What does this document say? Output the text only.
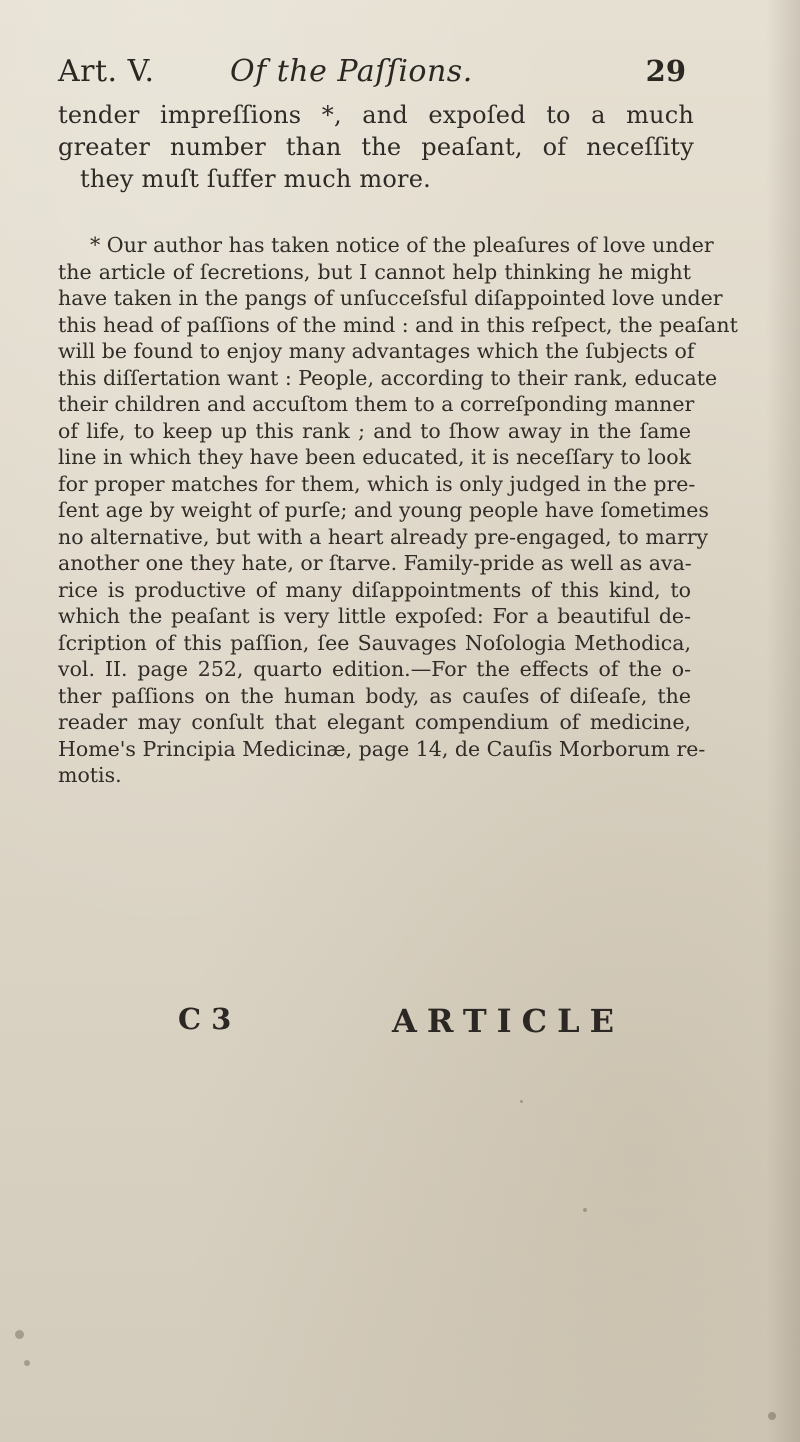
Art. V.	Of the Paſſions.	29
tender impreſſions *, and expoſed to a much
greater number than the peaſant, of neceſſity
they muſt ſuffer much more.
* Our author has taken notice of the pleaſures of love under
the article of ſecretions, but I cannot help thinking he might
have taken in the pangs of unſucceſsful diſappointed love under
this head of paſſions of the mind : and in this reſpect, the peaſant
will be found to enjoy many advantages which the ſubjects of
this diſſertation want : People, according to their rank, educate
their children and accuſtom them to a correſponding manner
of life, to keep up this rank ; and to ſhow away in the ſame
line in which they have been educated, it is neceſſary to look
for proper matches for them, which is only judged in the pre-
ſent age by weight of purſe; and young people have ſometimes
no alternative, but with a heart already pre-engaged, to marry
another one they hate, or ſtarve. Family-pride as well as ava-
rice is productive of many diſappointments of this kind, to
which the peaſant is very little expoſed: For a beautiful de-
ſcription of this paſſion, ſee Sauvages Noſologia Methodica,
vol. II. page 252, quarto edition.—For the effects of the o-
ther paſſions on the human body, as cauſes of diſeaſe, the
reader may conſult that elegant compendium of medicine,
Home's Principia Medicinæ, page 14, de Cauſis Morborum re-
motis.
C 3	ARTICLE
